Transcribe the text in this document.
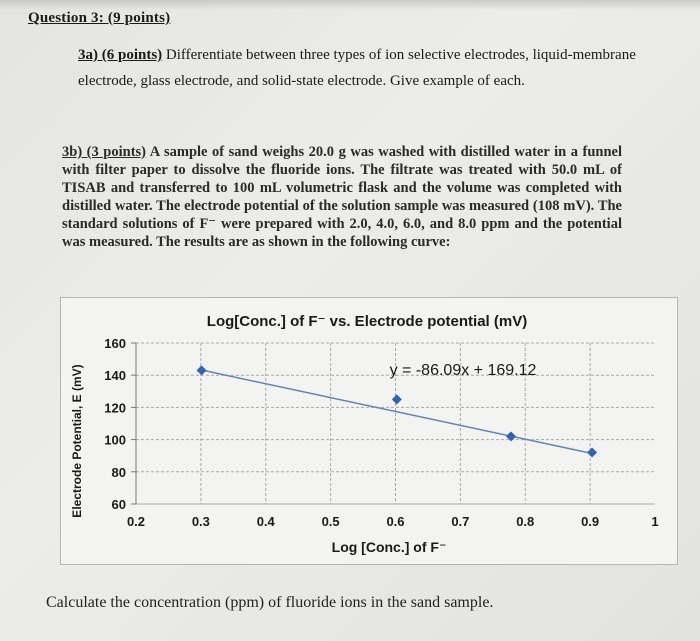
Question 3: (9 points)
3a) (6 points) Differentiate between three types of ion selective electrodes, liquid-membrane electrode, glass electrode, and solid-state electrode. Give example of each.
3b) (3 points) A sample of sand weighs 20.0 g was washed with distilled water in a funnel with filter paper to dissolve the fluoride ions. The filtrate was treated with 50.0 mL of TISAB and transferred to 100 mL volumetric flask and the volume was completed with distilled water. The electrode potential of the solution sample was measured (108 mV). The standard solutions of F⁻ were prepared with 2.0, 4.0, 6.0, and 8.0 ppm and the potential was measured. The results are as shown in the following curve:
Log[Conc.] of F⁻ vs. Electrode potential (mV)
0.2	0.3	0.4	0.5	0.6	0.7	0.8	0.9	1
60
80
100
120
140
160
y = -86.09x + 169.12
Log [Conc.] of F⁻
Electrode Potential, E (mV)
Calculate the concentration (ppm) of fluoride ions in the sand sample.
